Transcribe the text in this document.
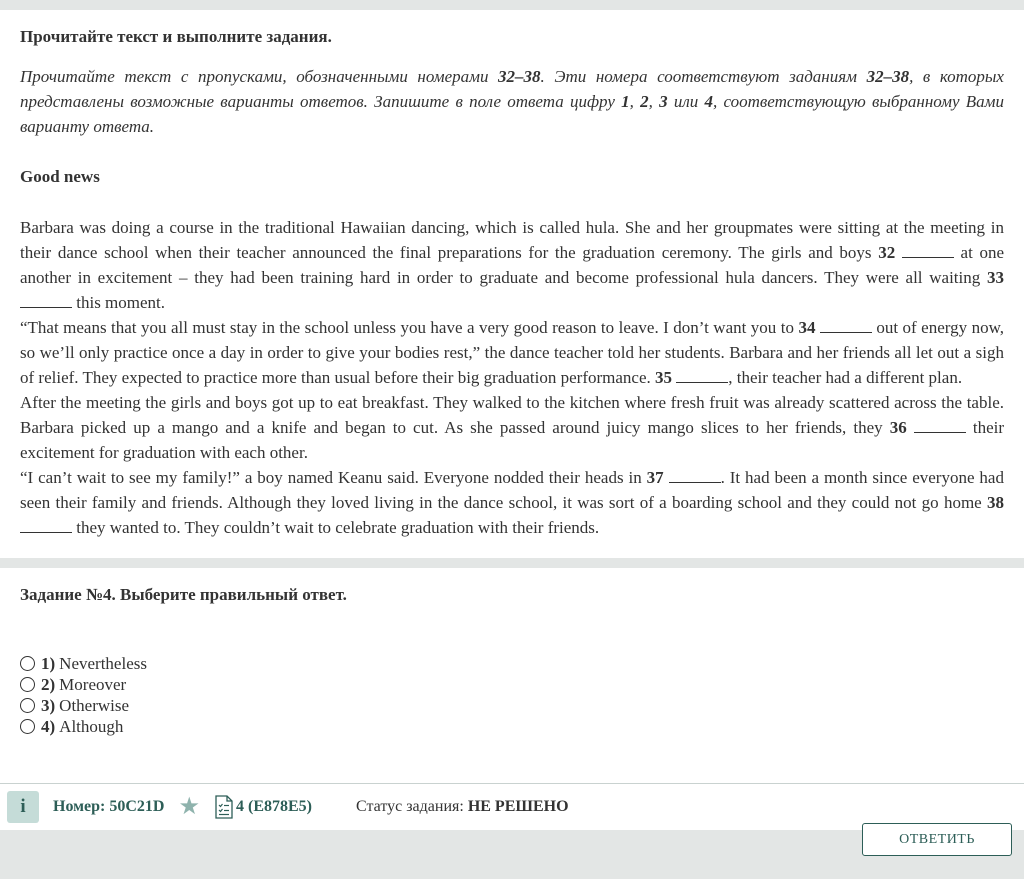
Прочитайте текст и выполните задания.

Прочитайте текст с пропусками, обозначенными номерами 32–38. Эти номера соответствуют заданиям 32–38, в которых представлены возможные варианты ответов. Запишите в поле ответа цифру 1, 2, 3 или 4, соответствующую выбранному Вами варианту ответа.

Good news

Barbara was doing a course in the traditional Hawaiian dancing, which is called hula. She and her groupmates were sitting at the meeting in their dance school when their teacher announced the final preparations for the graduation ceremony. The girls and boys 32	at one another in excitement – they had been training hard in order to graduate and become professional hula dancers. They were all waiting 33  this moment.

“That means that you all must stay in the school unless you have a very good reason to leave. I don’t want you to 34	out of energy now, so we’ll only practice once a day in order to give your bodies rest,” the dance teacher told her students. Barbara and her friends all let out a sigh of relief. They expected to practice more than usual before their big graduation performance. 35	, their teacher had a different plan.

After the meeting the girls and boys got up to eat breakfast. They walked to the kitchen where fresh fruit was already scattered across the table. Barbara picked up a mango and a knife and began to cut. As she passed around juicy mango slices to her friends, they 36	their excitement for graduation with each other.

“I can’t wait to see my family!” a boy named Keanu said. Everyone nodded their heads in 37	. It had been a month since everyone had seen their family and friends. Although they loved living in the dance school, it was sort of a boarding school and they could not go home 38  they wanted to. They couldn’t wait to celebrate graduation with their friends.

Задание №4. Выберите правильный ответ.

1) Nevertheless
2) Moreover
3) Otherwise
4) Although
i	Номер: 50C21D ★ 4 (E878E5)	Статус задания: НЕ РЕШЕНО
ОТВЕТИТЬ
